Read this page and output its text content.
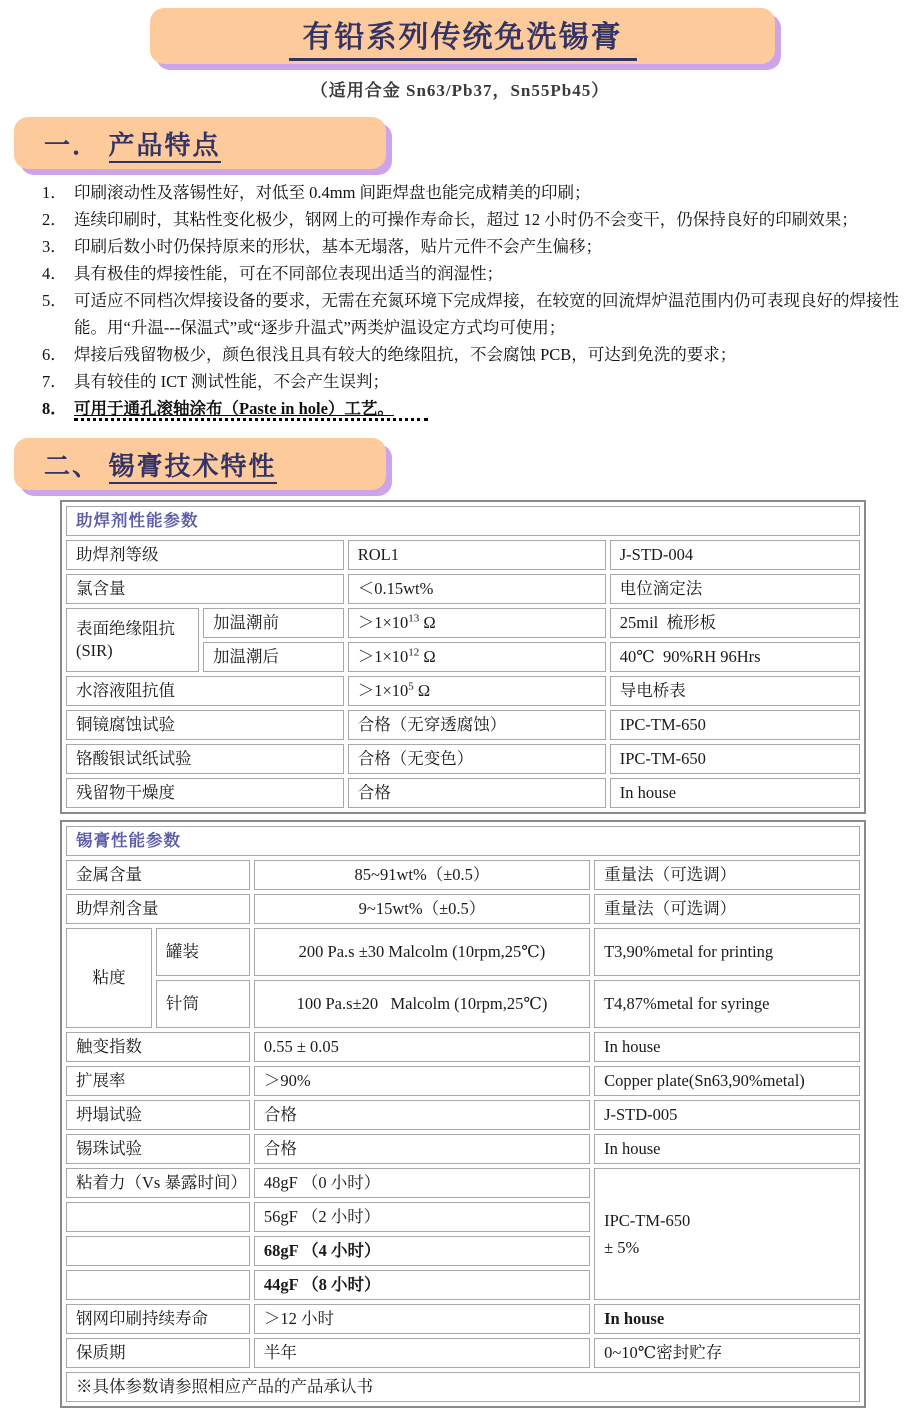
有铅系列传统免洗锡膏
（适用合金 Sn63/Pb37，Sn55Pb45）
一． 产品特点
1． 印刷滚动性及落锡性好，对低至 0.4mm 间距焊盘也能完成精美的印刷；
2． 连续印刷时，其粘性变化极少，钢网上的可操作寿命长，超过 12 小时仍不会变干，仍保持良好的印刷效果；
3． 印刷后数小时仍保持原来的形状，基本无塌落，贴片元件不会产生偏移；
4． 具有极佳的焊接性能，可在不同部位表现出适当的润湿性；
5． 可适应不同档次焊接设备的要求，无需在充氮环境下完成焊接，在较宽的回流焊炉温范围内仍可表现良好的焊接性能。用“升温---保温式”或“逐步升温式”两类炉温设定方式均可使用；
6． 焊接后残留物极少，颜色很浅且具有较大的绝缘阻抗，不会腐蚀 PCB，可达到免洗的要求；
7． 具有较佳的 ICT 测试性能，不会产生误判；
8． 可用于通孔滚轴涂布（Paste in hole）工艺。
二、 锡膏技术特性
助焊剂性能参数			
助焊剂等级		ROL1	J-STD-004
氯含量		＜0.15wt%	电位滴定法
表面绝缘阻抗
(SIR)	加温潮前	$>1\times 10^{13}$ Ω	25mil  梳形板
	加温潮后	$>1\times 10^{12}$ Ω	40℃  90%RH 96Hrs
水溶液阻抗值		$>1\times 10^5$ Ω	导电桥表
铜镜腐蚀试验		合格（无穿透腐蚀）	IPC-TM-650
铬酸银试纸试验		合格（无变色）	IPC-TM-650
残留物干燥度		合格	In house
锡膏性能参数			
金属含量		85~91wt%（±0.5）	重量法（可选调）
助焊剂含量		9~15wt%（±0.5）	重量法（可选调）
粘度	罐装	200 Pa.s ±30 Malcolm (10rpm,25℃)	T3,90%metal for printing
	针筒	100 Pa.s±20   Malcolm (10rpm,25℃)	T4,87%metal for syringe
触变指数		0.55 ± 0.05	In house
扩展率		＞90%	Copper plate(Sn63,90%metal)
坍塌试验		合格	J-STD-005
锡珠试验		合格	In house
粘着力（Vs 暴露时间）		48gF （0 小时）	IPC-TM-650
± 5%

		56gF （2 小时）	
		68gF （4 小时）	
		44gF （8 小时）	
钢网印刷持续寿命		＞12 小时	In house
保质期		半年	0~10℃密封贮存
※具体参数请参照相应产品的产品承认书			
